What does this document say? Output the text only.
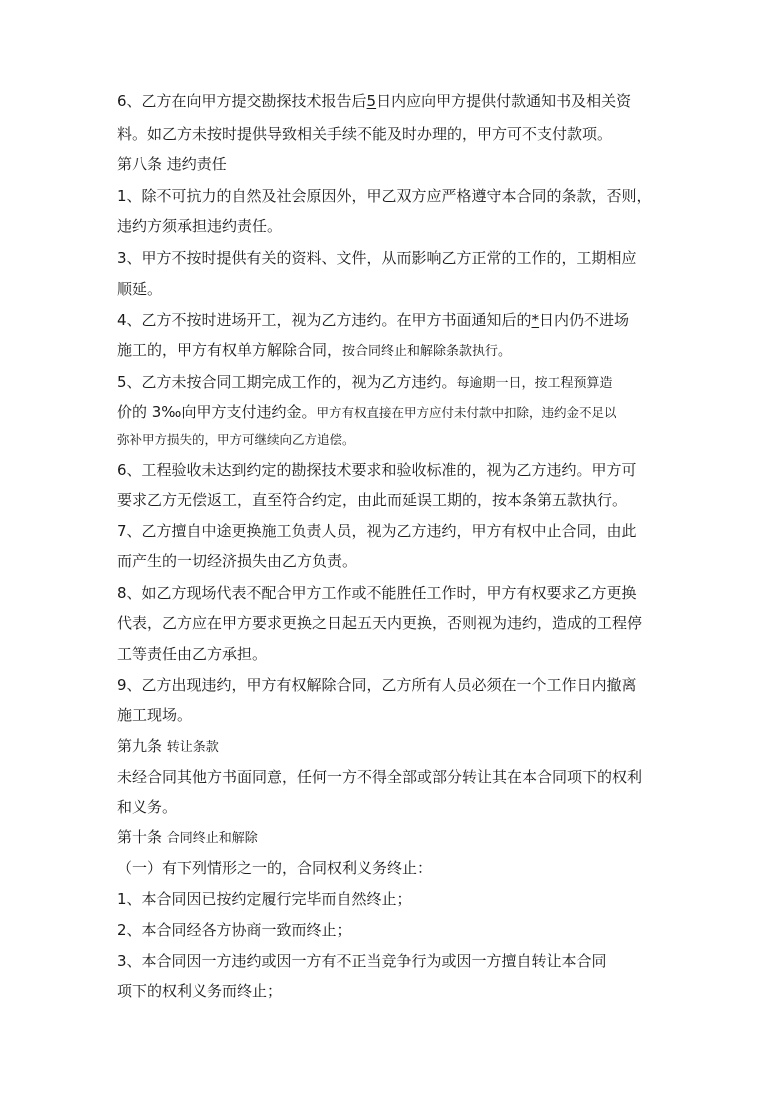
6、乙方在向甲方提交勘探技术报告后5日内应向甲方提供付款通知书及相关资
料。如乙方未按时提供导致相关手续不能及时办理的，甲方可不支付款项。
第八条 违约责任
1、除不可抗力的自然及社会原因外，甲乙双方应严格遵守本合同的条款，否则，
违约方须承担违约责任。
3、甲方不按时提供有关的资料、文件，从而影响乙方正常的工作的，工期相应
顺延。
4、乙方不按时进场开工，视为乙方违约。在甲方书面通知后的*日内仍不进场
施工的，甲方有权单方解除合同，按合同终止和解除条款执行。
5、乙方未按合同工期完成工作的，视为乙方违约。每逾期一日，按工程预算造
价的 3‰向甲方支付违约金。甲方有权直接在甲方应付未付款中扣除，违约金不足以
弥补甲方损失的，甲方可继续向乙方追偿。
6、工程验收未达到约定的勘探技术要求和验收标准的，视为乙方违约。甲方可
要求乙方无偿返工，直至符合约定，由此而延误工期的，按本条第五款执行。
7、乙方擅自中途更换施工负责人员，视为乙方违约，甲方有权中止合同，由此
而产生的一切经济损失由乙方负责。
8、如乙方现场代表不配合甲方工作或不能胜任工作时，甲方有权要求乙方更换
代表，乙方应在甲方要求更换之日起五天内更换，否则视为违约，造成的工程停
工等责任由乙方承担。
9、乙方出现违约，甲方有权解除合同，乙方所有人员必须在一个工作日内撤离
施工现场。
第九条 转让条款
未经合同其他方书面同意，任何一方不得全部或部分转让其在本合同项下的权利
和义务。
第十条 合同终止和解除
（一）有下列情形之一的，合同权利义务终止：
1、本合同因已按约定履行完毕而自然终止；
2、本合同经各方协商一致而终止；
3、本合同因一方违约或因一方有不正当竞争行为或因一方擅自转让本合同
项下的权利义务而终止；
